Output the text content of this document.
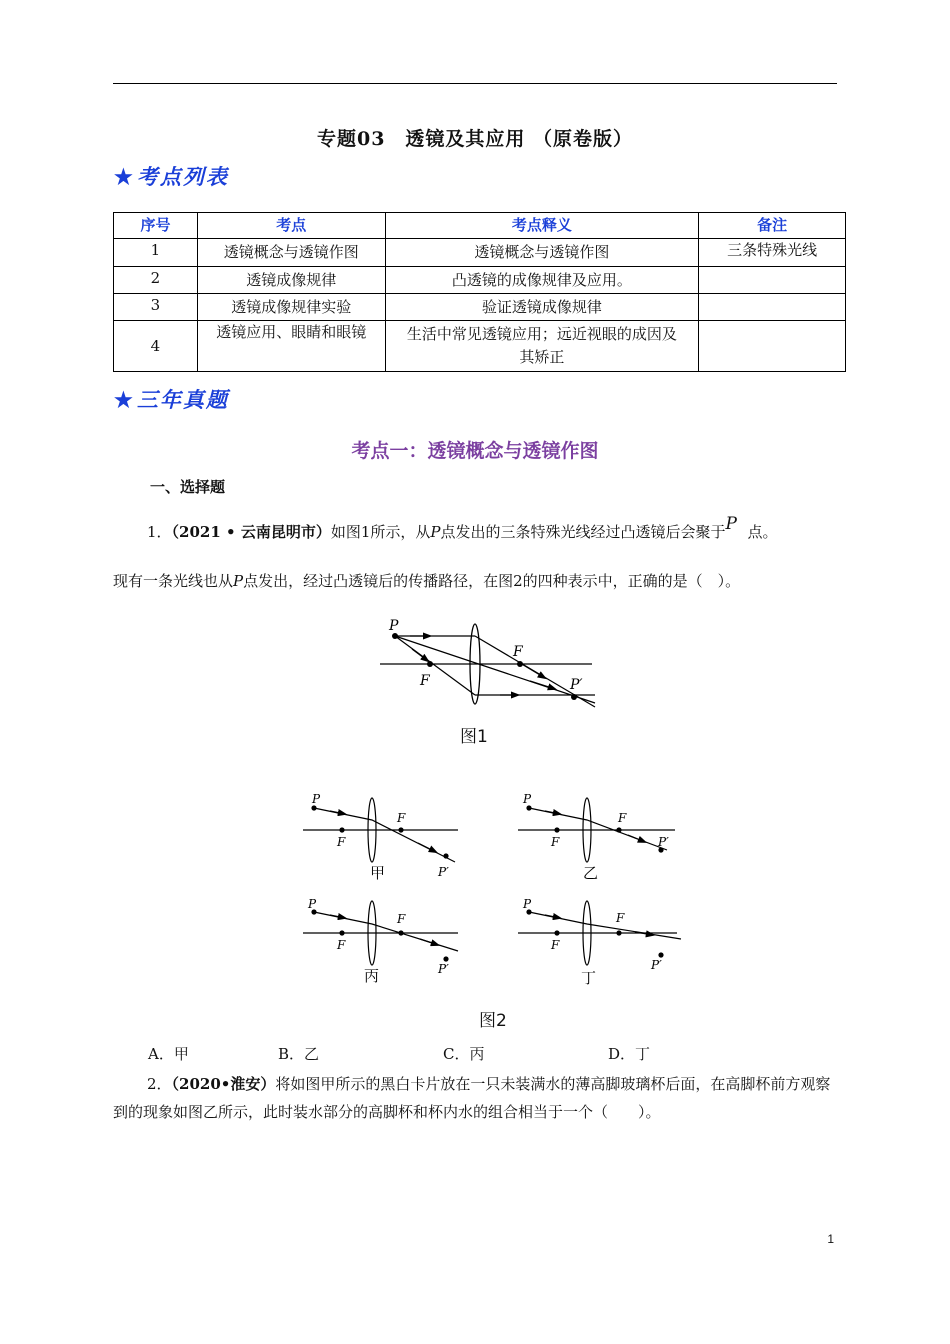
专题03　透镜及其应用 （原卷版）
★考点列表
序号	考点	考点释义	备注
1	透镜概念与透镜作图	透镜概念与透镜作图	三条特殊光线
2	透镜成像规律	凸透镜的成像规律及应用。	
3	透镜成像规律实验	验证透镜成像规律	
4	透镜应用、眼睛和眼镜	生活中常见透镜应用；远近视眼的成因及其矫正	
★三年真题
考点一：透镜概念与透镜作图
一、选择题
1．（2021 • 云南昆明市）如图1所示，从P点发出的三条特殊光线经过凸透镜后会聚于P 点。
现有一条光线也从P点发出，经过凸透镜后的传播路径，在图2的四种表示中，正确的是（　）。
P
F
F
P′
图1
P
F
F
P′
甲
P
F
F
P′
乙
P
F
F
P′
丙
P
F
F
P′
丁
图2
A．甲	B．乙	C．丙	D．丁
2．（2020•淮安）将如图甲所示的黑白卡片放在一只未装满水的薄高脚玻璃杯后面，在高脚杯前方观察到的现象如图乙所示，此时装水部分的高脚杯和杯内水的组合相当于一个（　　）。
1
